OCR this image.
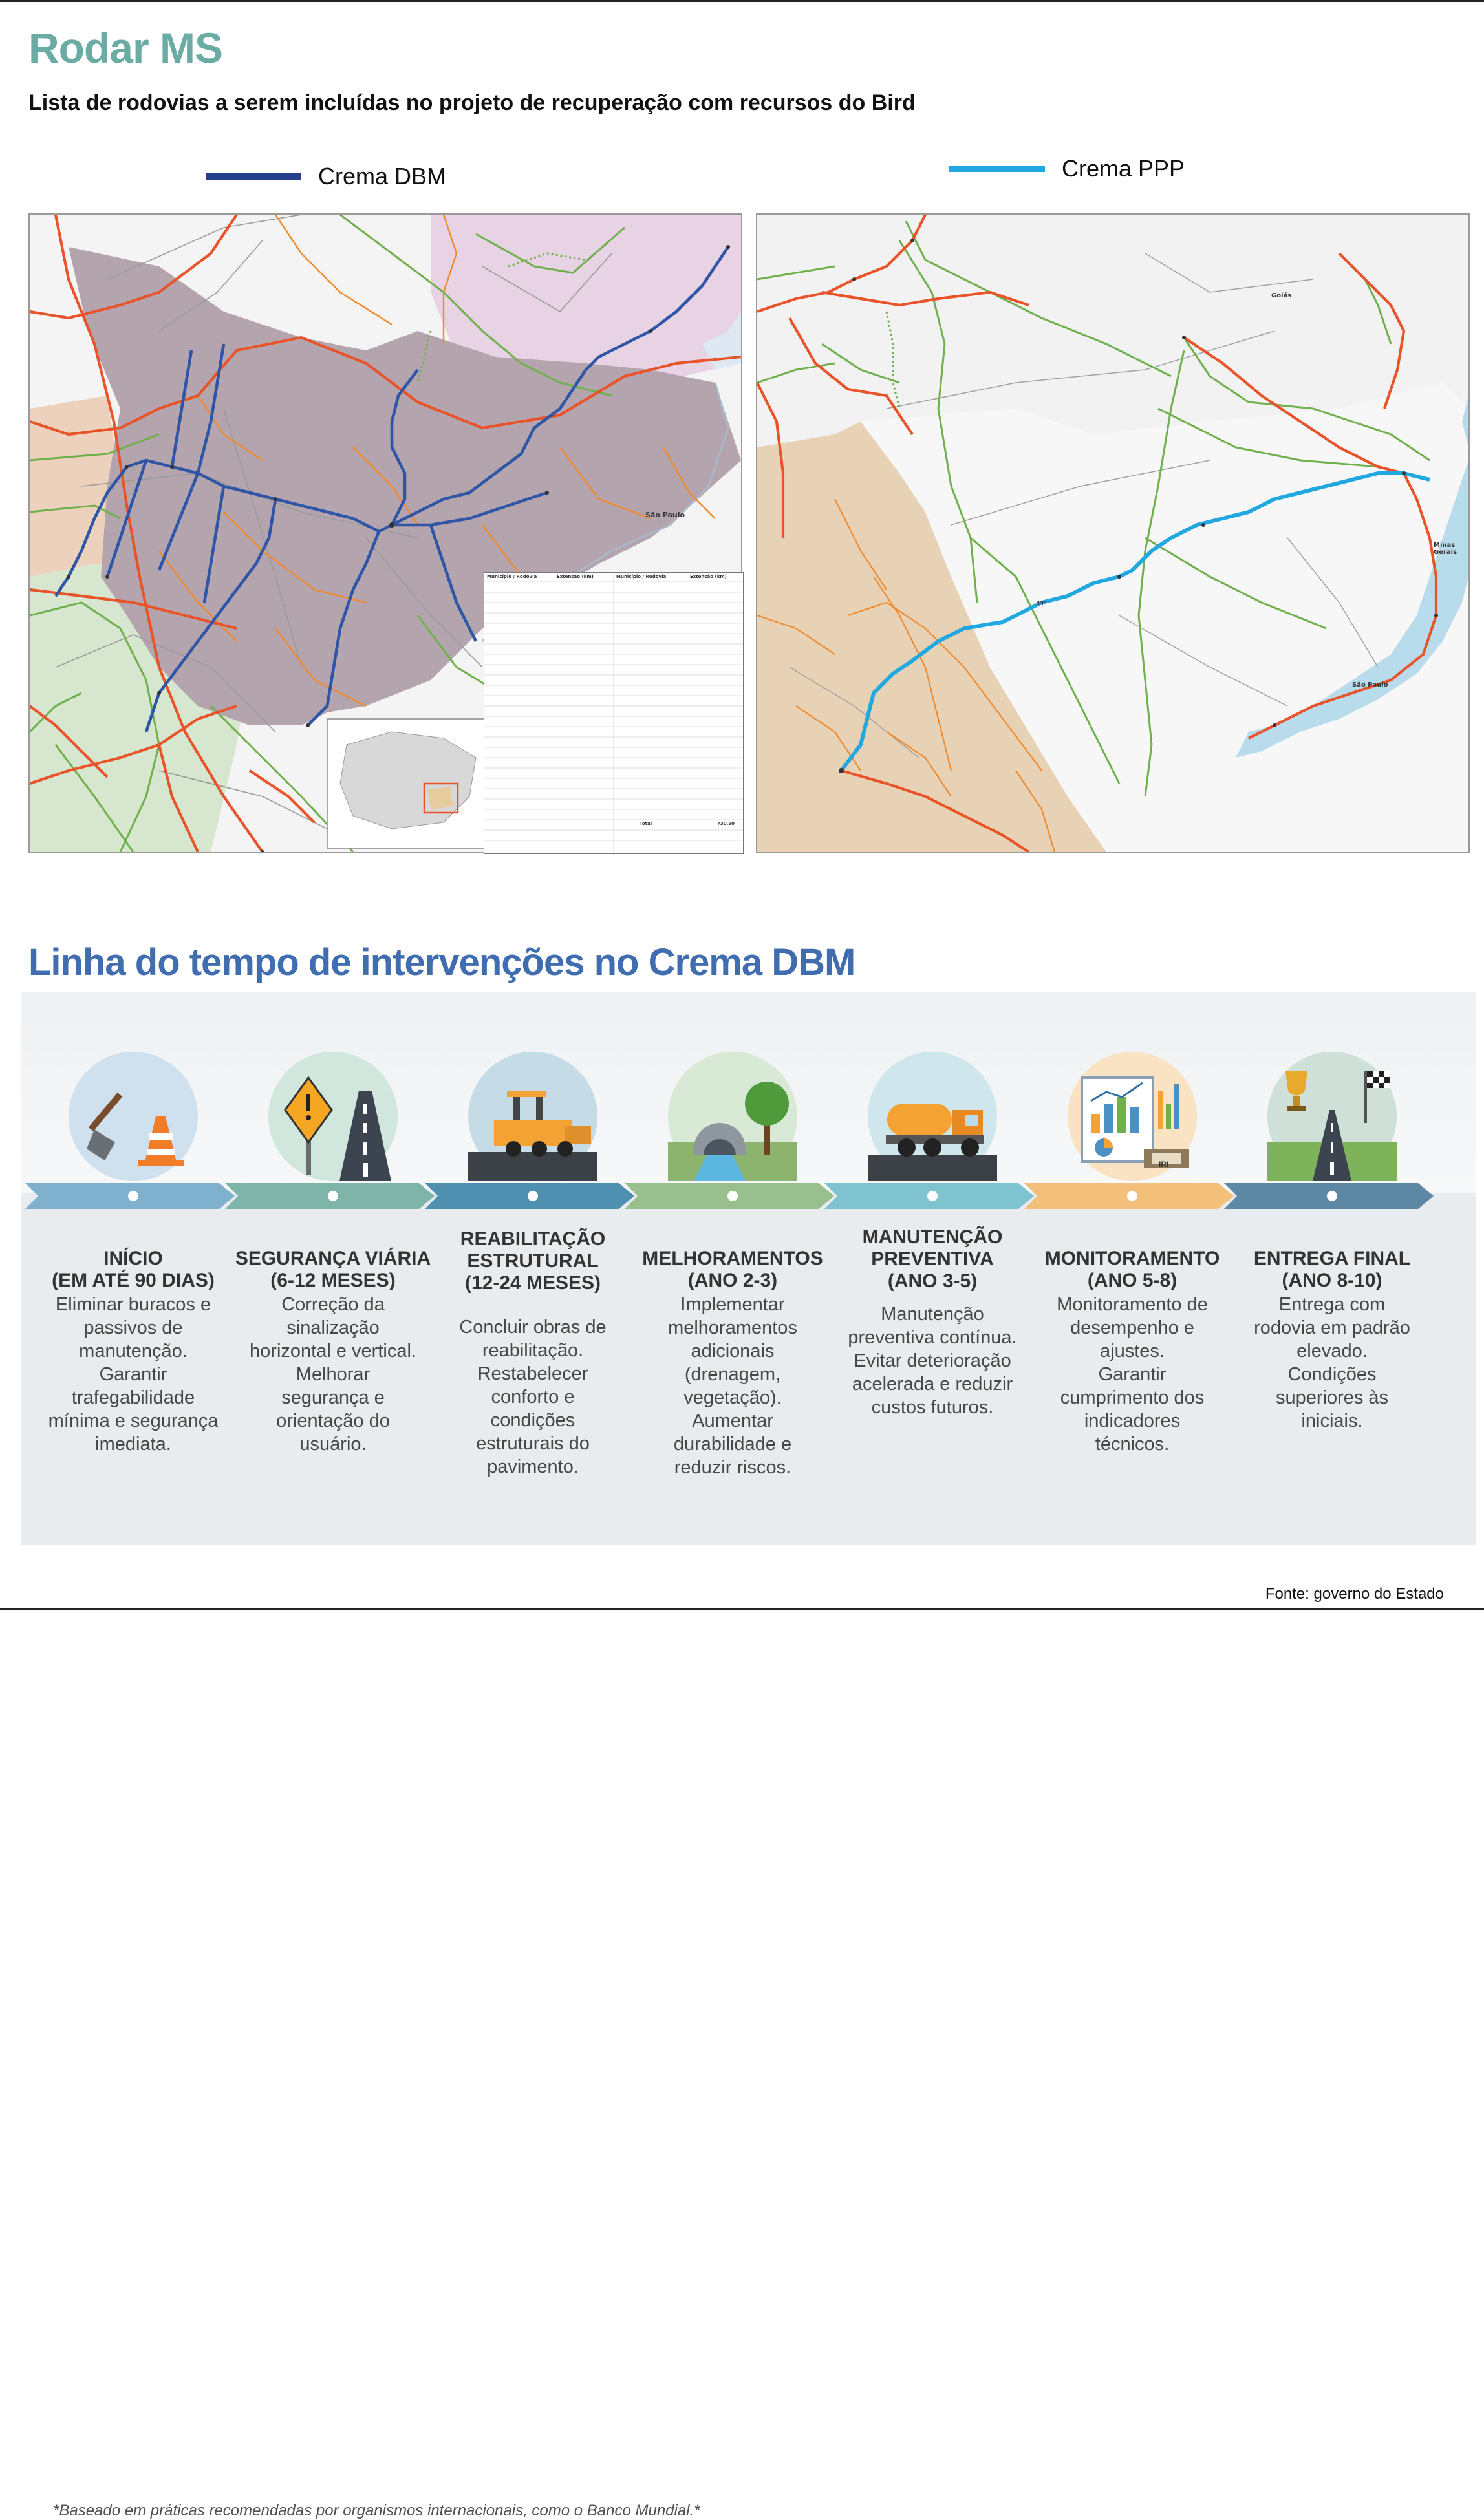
Rodar MS
Lista de rodovias a serem incluídas no projeto de recuperação com recursos do Bird
Crema DBM	Crema PPP
São Paulo
Município / Rodovia	Extensão (km)	Município / Rodovia	Extensão (km)
Total	730,50
Goiás
Minas Gerais
São Paulo
PPP
Linha do tempo de intervenções no Crema DBM
INÍCIO
(EM ATÉ 90 DIAS)
Eliminar buracos e
passivos de
manutenção.
Garantir
trafegabilidade
mínima e segurança
imediata.
SEGURANÇA VIÁRIA
(6-12 MESES)
Correção da
sinalização
horizontal e vertical.
Melhorar
segurança e
orientação do
usuário.
REABILITAÇÃO
ESTRUTURAL
(12-24 MESES)
Concluir obras de
reabilitação.
Restabelecer
conforto e
condições
estruturais do
pavimento.
MELHORAMENTOS
(ANO 2-3)
Implementar
melhoramentos
adicionais
(drenagem,
vegetação).
Aumentar
durabilidade e
reduzir riscos.
MANUTENÇÃO
PREVENTIVA
(ANO 3-5)
Manutenção
preventiva contínua.
Evitar deterioração
acelerada e reduzir
custos futuros.
IRI
MONITORAMENTO
(ANO 5-8)
Monitoramento de
desempenho e
ajustes.
Garantir
cumprimento dos
indicadores
técnicos.
ENTREGA FINAL
(ANO 8-10)
Entrega com
rodovia em padrão
elevado.
Condições
superiores às
iniciais.
*Baseado em práticas recomendadas por organismos internacionais, como o Banco Mundial.*
Fonte: governo do Estado
